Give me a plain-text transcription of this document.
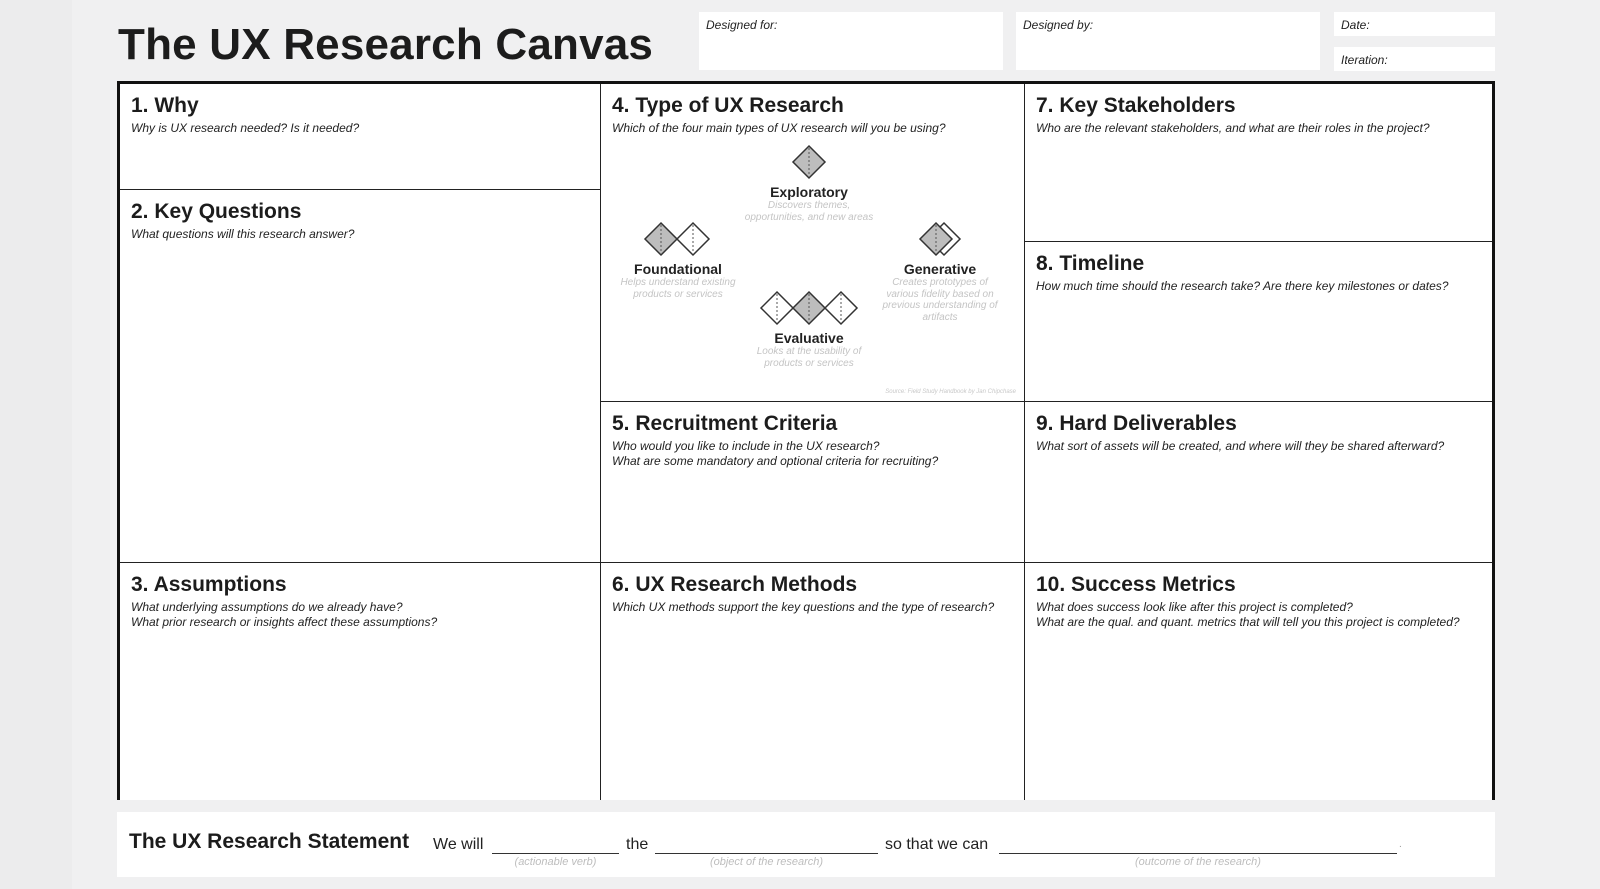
The UX Research Canvas	Designed for:	Designed by:	Date:
Iteration:
1. Why
Why is UX research needed? Is it needed?
2. Key Questions
What questions will this research answer?
3. Assumptions
What underlying assumptions do we already have?
What prior research or insights affect these assumptions?
4. Type of UX Research
Which of the four main types of UX research will you be using?
Exploratory
Discovers themes, opportunities, and new areas
Foundational
Helps understand existing products or services
Generative
Creates prototypes of various fidelity based on previous understanding of artifacts
Evaluative
Looks at the usability of products or services
Source: Field Study Handbook by Jan Chipchase
5. Recruitment Criteria
Who would you like to include in the UX research?
What are some mandatory and optional criteria for recruiting?
6. UX Research Methods
Which UX methods support the key questions and the type of research?
7. Key Stakeholders
Who are the relevant stakeholders, and what are their roles in the project?
8. Timeline
How much time should the research take? Are there key milestones or dates?
9. Hard Deliverables
What sort of assets will be created, and where will they be shared afterward?
10. Success Metrics
What does success look like after this project is completed?
What are the qual. and quant. metrics that will tell you this project is completed?
The UX Research Statement We will
(actionable verb)
the
(object of the research)
so that we can
(outcome of the research)
.
